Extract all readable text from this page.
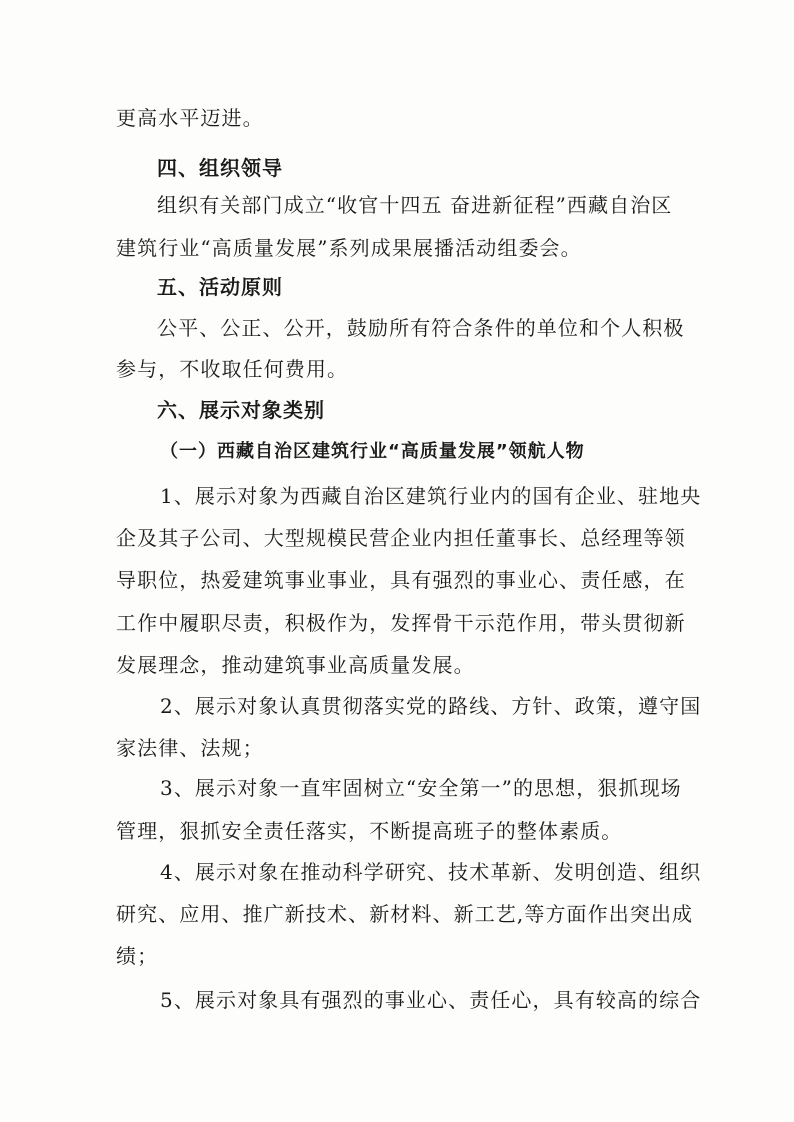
更高水平迈进。
四、组织领导
组织有关部门成立“收官十四五 奋进新征程”西藏自治区
建筑行业“高质量发展”系列成果展播活动组委会。
五、活动原则
公平、公正、公开，鼓励所有符合条件的单位和个人积极
参与，不收取任何费用。
六、展示对象类别
（一）西藏自治区建筑行业“高质量发展”领航人物
1、展示对象为西藏自治区建筑行业内的国有企业、驻地央
企及其子公司、大型规模民营企业内担任董事长、总经理等领
导职位，热爱建筑事业事业，具有强烈的事业心、责任感，在
工作中履职尽责，积极作为，发挥骨干示范作用，带头贯彻新
发展理念，推动建筑事业高质量发展。
2、展示对象认真贯彻落实党的路线、方针、政策，遵守国
家法律、法规；
3、展示对象一直牢固树立“安全第一”的思想，狠抓现场
管理，狠抓安全责任落实，不断提高班子的整体素质。
4、展示对象在推动科学研究、技术革新、发明创造、组织
研究、应用、推广新技术、新材料、新工艺,等方面作出突出成
绩；
5、展示对象具有强烈的事业心、责任心，具有较高的综合
